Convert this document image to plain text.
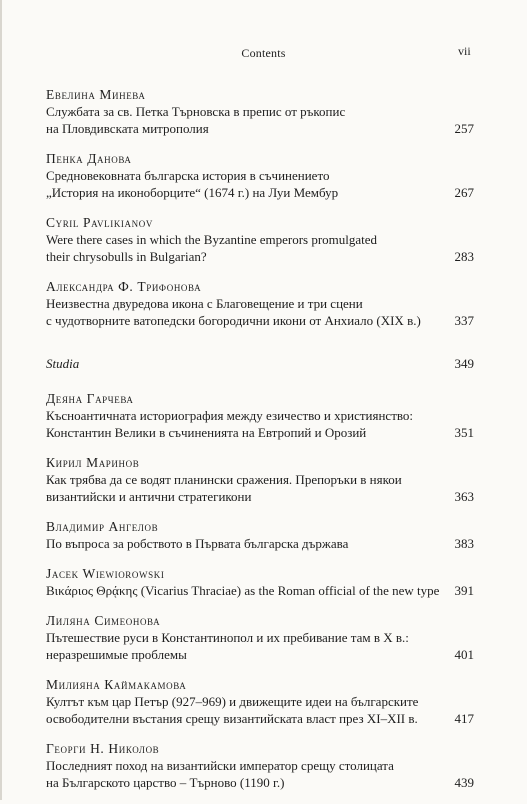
Contents	vii
Евелина Минева
Службата за св. Петка Търновска в препис от ръкопис
на Пловдивската митрополия	257
Пенка Данова
Средновековната българска история в съчинението
„История на иконоборците“ (1674 г.) на Луи Мембур	267
Cyril Pavlikianov
Were there cases in which the Byzantine emperors promulgated
their chrysobulls in Bulgarian?	283
Александра Ф. Трифонова
Неизвестна двуредова икона с Благовещение и три сцени
с чудотворните ватопедски богородични икони от Анхиало (XIX в.)	337
Studia	349
Деяна Гарчева
Късноантичната историография между езичество и християнство:
Константин Велики в съчиненията на Евтропий и Орозий	351
Кирил Маринов
Как трябва да се водят планински сражения. Препоръки в някои
византийски и антични стратегикони	363
Владимир Ангелов
По въпроса за робството в Първата българска държава	383
Jacek Wiewiorowski
Βικάριος Θρᾴκης (Vicarius Thraciae) as the Roman official of the new type	391
Лиляна Симеонова
Пътешествие руси в Константинопол и их пребивание там в X в.:
неразрешимые проблемы	401
Милияна Каймакамова
Култът към цар Петър (927–969) и движещите идеи на българските
освободителни въстания срещу византийската власт през XI–XII в.	417
Георги Н. Николов
Последният поход на византийски император срещу столицата
на Българското царство – Търново (1190 г.)	439
